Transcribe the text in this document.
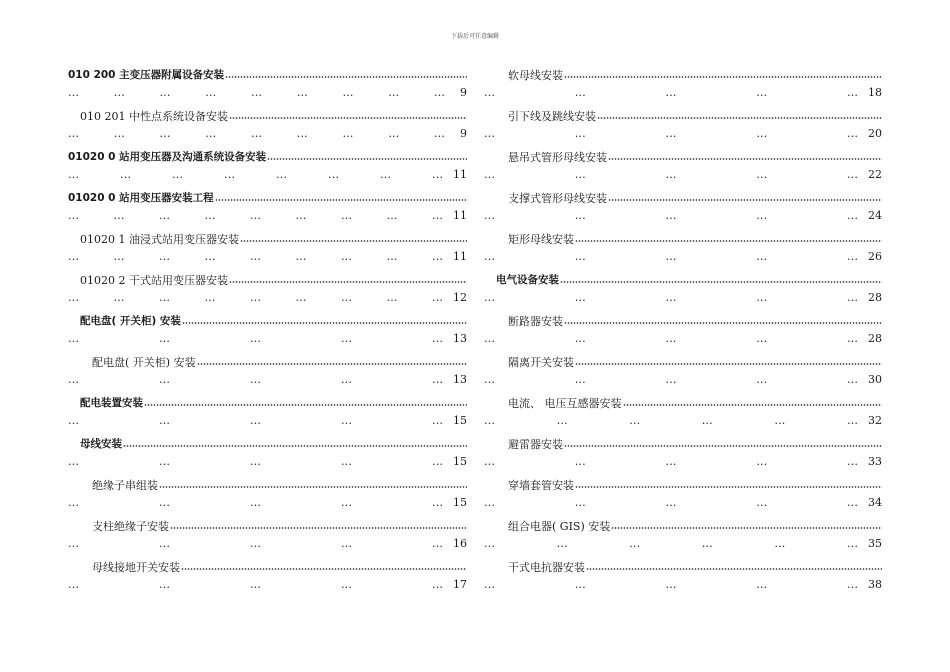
下载后可任意编辑
010 200 主变压器附属设备安装
…	…	…	…	…	…	…	…	…	9
010 201 中性点系统设备安装
…	…	…	…	…	…	…	…	…	9
01020 0 站用变压器及沟通系统设备安装
…	…	…	…	…	…	…	… 11
01020 0 站用变压器安装工程
…	…	…	…	…	…	…	…	… 11
01020 1 油浸式站用变压器安装
…	…	…	…	…	…	…	…	… 11
01020 2 干式站用变压器安装
…	…	…	…	…	…	…	…	… 12
配电盘( 开关柜) 安装
…	…	…	…	… 13
配电盘( 开关柜) 安装
…	…	…	…	… 13
配电装置安装
…	…	…	…	… 15
母线安装
…	…	…	…	… 15
绝缘子串组装
…	…	…	…	… 15
支柱绝缘子安装
…	…	…	…	… 16
母线接地开关安装
…	…	…	…	… 17
软母线安装
…	…	…	…	… 18
引下线及跳线安装
…	…	…	…	… 20
悬吊式管形母线安装
…	…	…	…	… 22
支撑式管形母线安装
…	…	…	…	… 24
矩形母线安装
…	…	…	…	… 26
电气设备安装
…	…	…	…	… 28
断路器安装
…	…	…	…	… 28
隔离开关安装
…	…	…	…	… 30
电流、 电压互感器安装
…	…	…	…	…	… 32
避雷器安装
…	…	…	…	… 33
穿墙套管安装
…	…	…	…	… 34
组合电器( GIS) 安装
…	…	…	…	…	… 35
干式电抗器安装
…	…	…	…	… 38
